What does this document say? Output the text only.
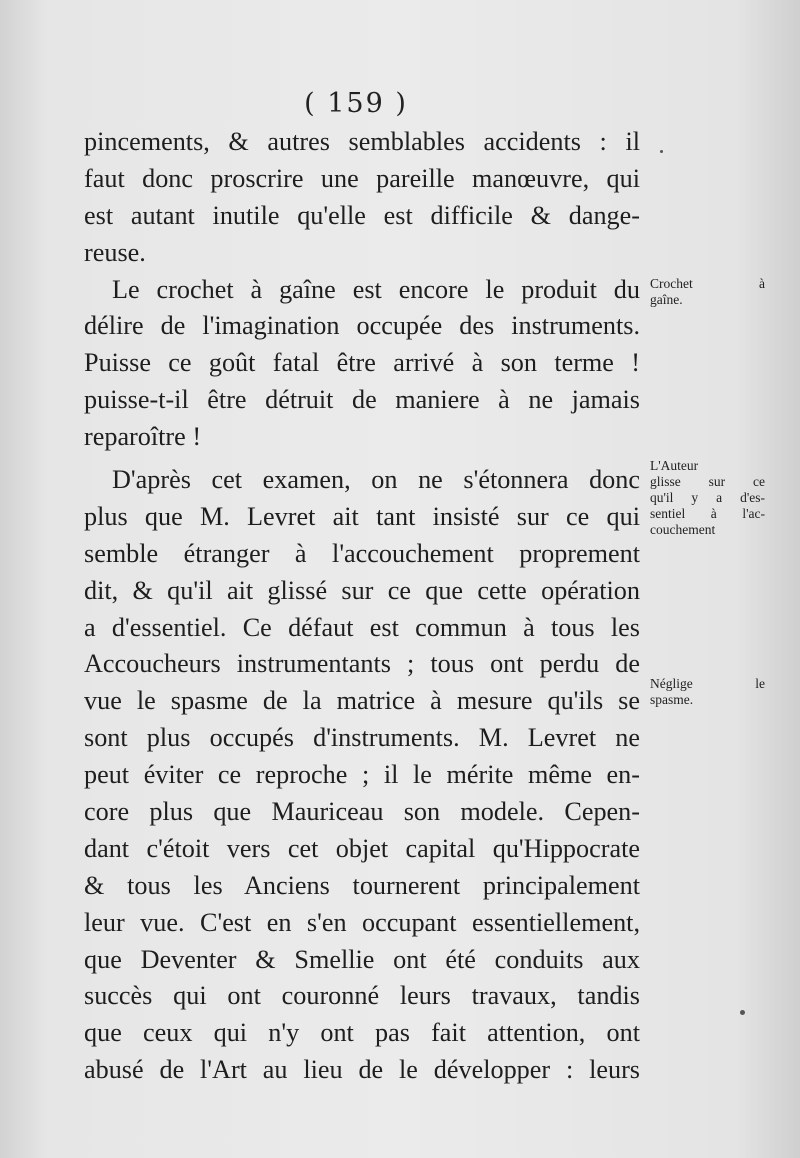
( 159 )
pincements, & autres semblables accidents : il
faut donc proscrire une pareille manœuvre, qui
est autant inutile qu'elle est difficile & dange-
reuse.
Le crochet à gaîne est encore le produit du
délire de l'imagination occupée des instruments.
Puisse ce goût fatal être arrivé à son terme !
puisse-t-il être détruit de maniere à ne jamais
reparoître !
D'après cet examen, on ne s'étonnera donc
plus que M. Levret ait tant insisté sur ce qui
semble étranger à l'accouchement proprement
dit, & qu'il ait glissé sur ce que cette opération
a d'essentiel. Ce défaut est commun à tous les
Accoucheurs instrumentants ; tous ont perdu de
vue le spasme de la matrice à mesure qu'ils se
sont plus occupés d'instruments. M. Levret ne
peut éviter ce reproche ; il le mérite même en-
core plus que Mauriceau son modele. Cepen-
dant c'étoit vers cet objet capital qu'Hippocrate
& tous les Anciens tournerent principalement
leur vue. C'est en s'en occupant essentiellement,
que Deventer & Smellie ont été conduits aux
succès qui ont couronné leurs travaux, tandis
que ceux qui n'y ont pas fait attention, ont
abusé de l'Art au lieu de le développer : leurs
Crochet à
gaîne.
L'Auteur
glisse sur ce
qu'il y a d'es-
sentiel à l'ac-
couchement
Néglige le
spasme.
